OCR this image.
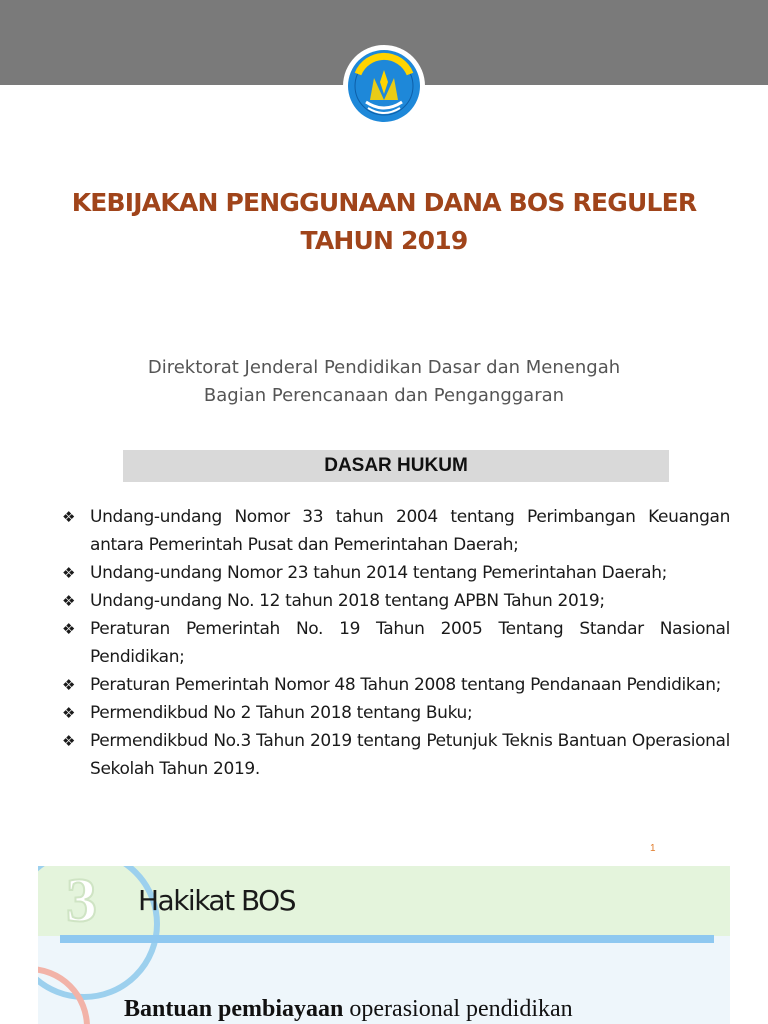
KEBIJAKAN PENGGUNAAN DANA BOS REGULER
TAHUN 2019
Direktorat Jenderal Pendidikan Dasar dan Menengah
Bagian Perencanaan dan Penganggaran
DASAR HUKUM
❖ Undang-undang Nomor 33 tahun 2004 tentang Perimbangan Keuangan antara Pemerintah Pusat dan Pemerintahan Daerah;
❖ Undang-undang Nomor 23 tahun 2014 tentang Pemerintahan Daerah;
❖ Undang-undang No. 12 tahun 2018 tentang APBN Tahun 2019;
❖ Peraturan Pemerintah No. 19 Tahun 2005 Tentang Standar Nasional Pendidikan;
❖ Peraturan Pemerintah Nomor 48 Tahun 2008 tentang Pendanaan Pendidikan;
❖ Permendikbud No 2 Tahun 2018 tentang Buku;
❖ Permendikbud No.3 Tahun 2019 tentang Petunjuk Teknis Bantuan Operasional Sekolah Tahun 2019.
1
3 Hakikat BOS
Bantuan pembiayaan operasional pendidikan
